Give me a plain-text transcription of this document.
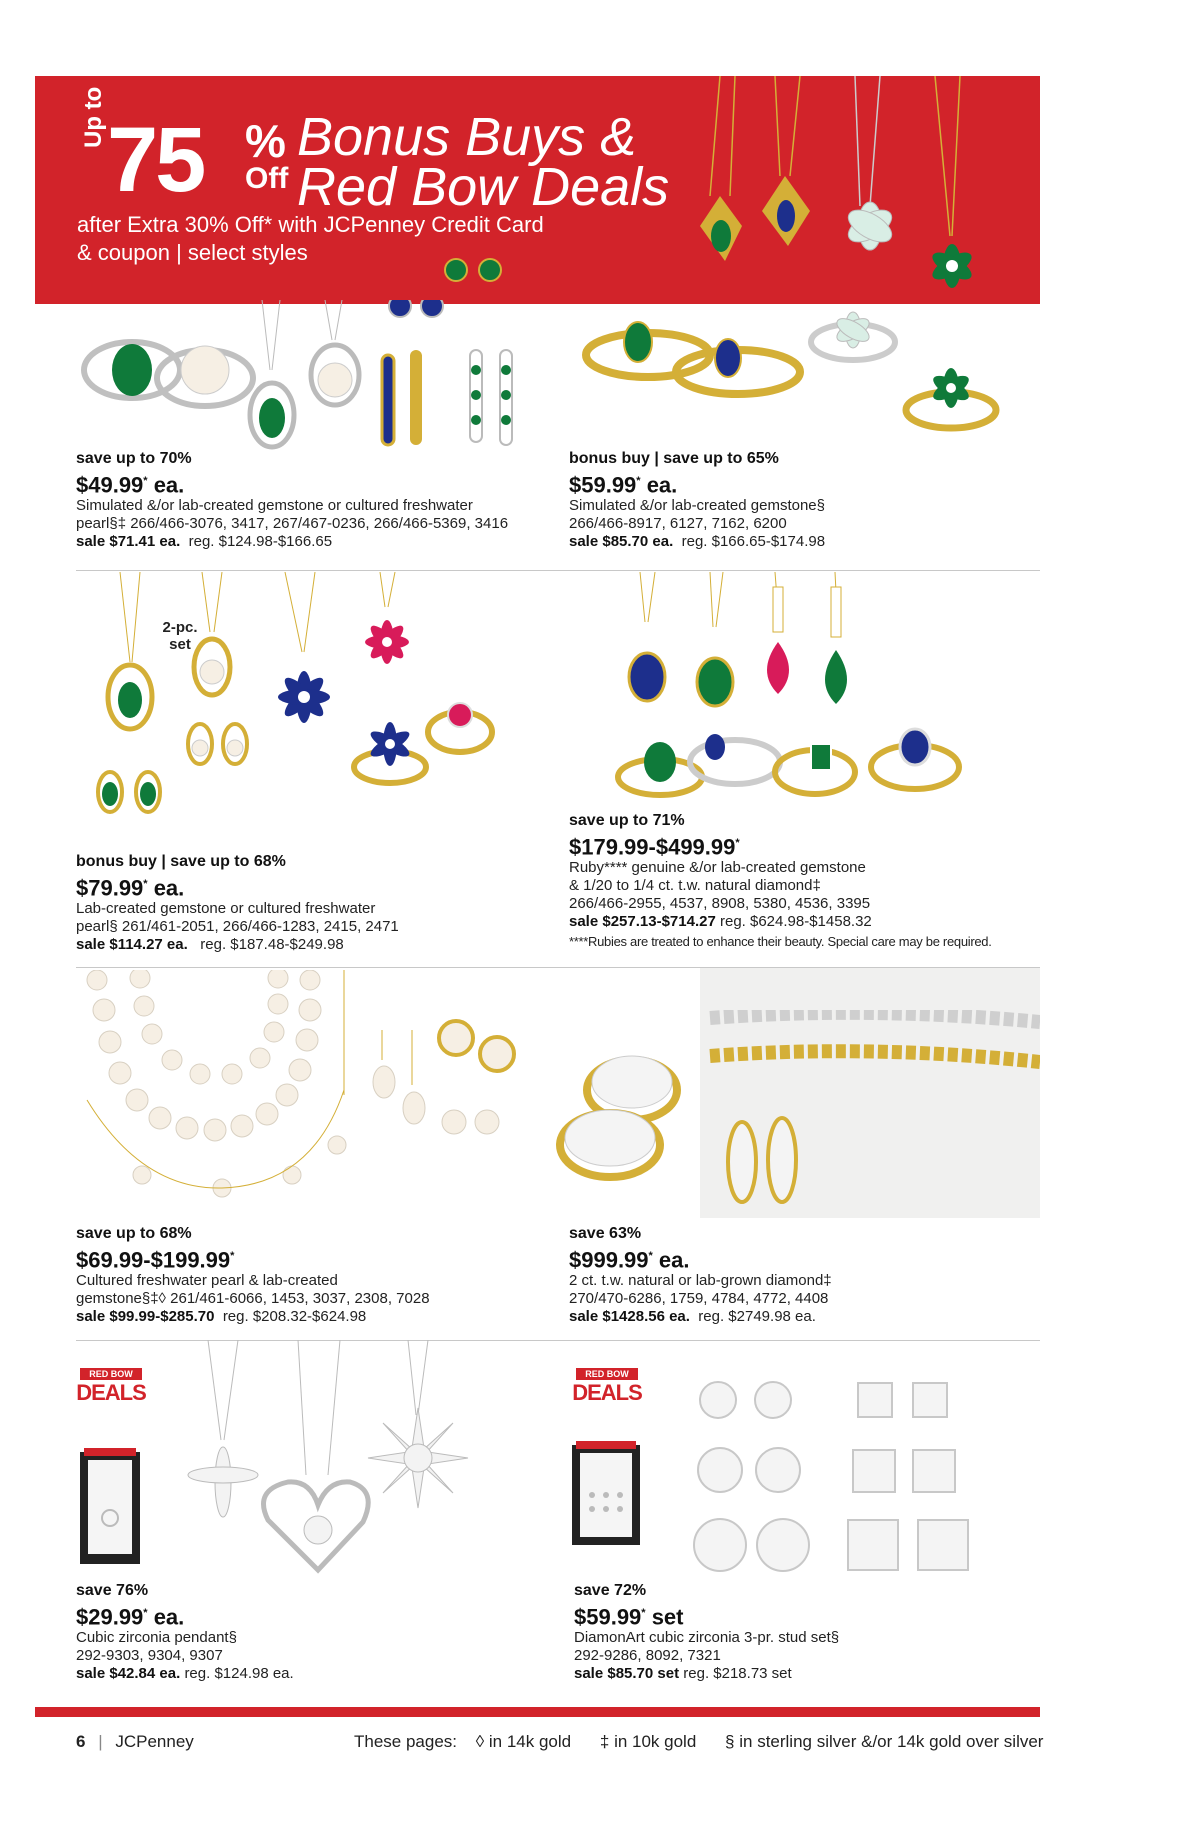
Up to 75 %
Off
Bonus Buys &
Red Bow Deals
after Extra 30% Off* with JCPenney Credit Card
& coupon | select styles
save up to 70%
$49.99* ea.
Simulated &/or lab-created gemstone or cultured freshwater
pearl§‡ 266/466-3076, 3417, 267/467-0236, 266/466-5369, 3416
sale $71.41 ea. reg. $124.98-$166.65
bonus buy | save up to 65%
$59.99* ea.
Simulated &/or lab-created gemstone§
266/466-8917, 6127, 7162, 6200
sale $85.70 ea. reg. $166.65-$174.98
2-pc.
set
bonus buy | save up to 68%
$79.99* ea.
Lab-created gemstone or cultured freshwater
pearl§ 261/461-2051, 266/466-1283, 2415, 2471
sale $114.27 ea. reg. $187.48-$249.98
save up to 71%
$179.99-$499.99*
Ruby**** genuine &/or lab-created gemstone
& 1/20 to 1/4 ct. t.w. natural diamond‡
266/466-2955, 4537, 8908, 5380, 4536, 3395
sale $257.13-$714.27 reg. $624.98-$1458.32
****Rubies are treated to enhance their beauty. Special care may be required.
save up to 68%
$69.99-$199.99*
Cultured freshwater pearl & lab-created
gemstone§‡◊ 261/461-6066, 1453, 3037, 2308, 7028
sale $99.99-$285.70 reg. $208.32-$624.98
save 63%
$999.99* ea.
2 ct. t.w. natural or lab-grown diamond‡
270/470-6286, 1759, 4784, 4772, 4408
sale $1428.56 ea. reg. $2749.98 ea.
RED BOW
DEALS
save 76%
$29.99* ea.
Cubic zirconia pendant§
292-9303, 9304, 9307
sale $42.84 ea. reg. $124.98 ea.
RED BOW
DEALS
save 72%
$59.99* set
DiamonArt cubic zirconia 3-pr. stud set§
292-9286, 8092, 7321
sale $85.70 set reg. $218.73 set
6 | JCPenney	These pages: ◊ in 14k gold ‡ in 10k gold § in sterling silver &/or 14k gold over silver
